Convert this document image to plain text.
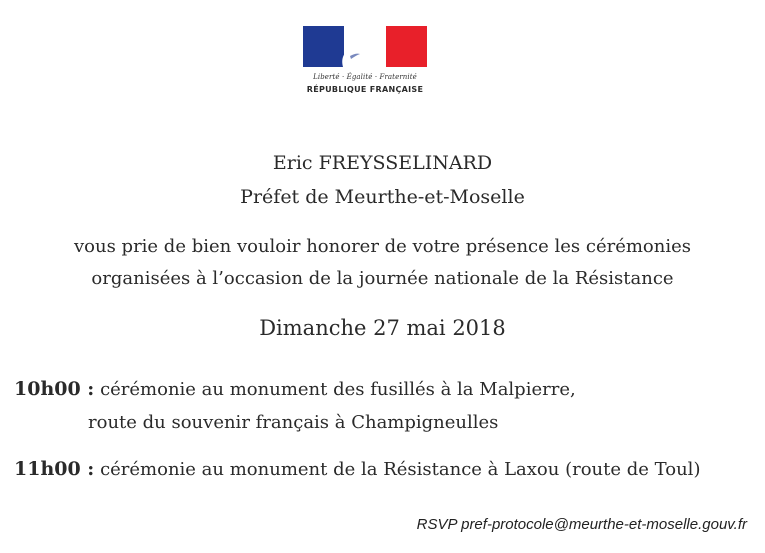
Liberté · Égalité · Fraternité
RÉPUBLIQUE FRANÇAISE
Eric FREYSSELINARD
Préfet de Meurthe-et-Moselle
vous prie de bien vouloir honorer de votre présence les cérémonies
organisées à l’occasion de la journée nationale de la Résistance
Dimanche 27 mai 2018
10h00 : cérémonie au monument des fusillés à la Malpierre,
route du souvenir français à Champigneulles
11h00 : cérémonie au monument de la Résistance à Laxou (route de Toul)
RSVP pref-protocole@meurthe-et-moselle.gouv.fr
